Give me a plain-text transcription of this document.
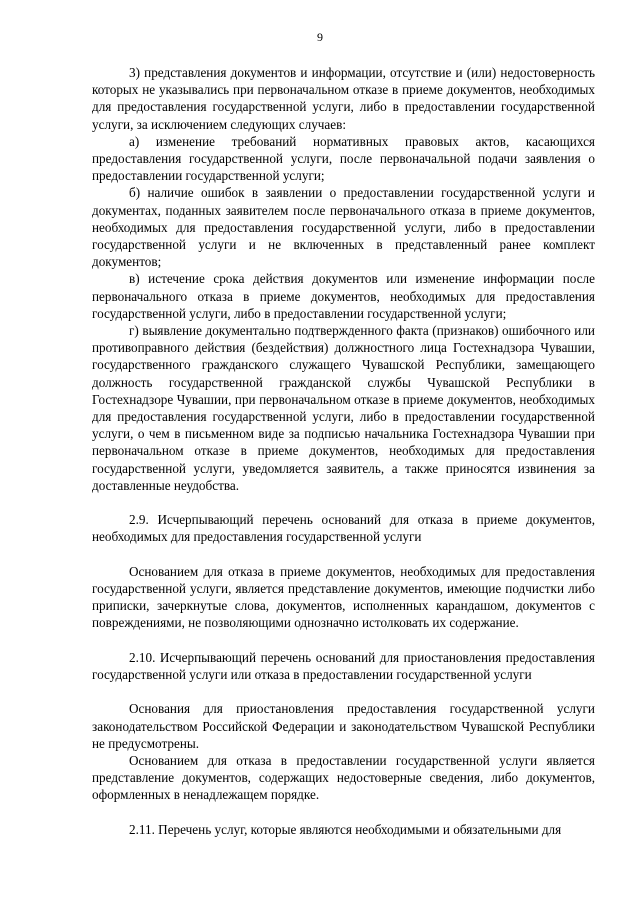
9

3) представления документов и информации, отсутствие и (или) недостоверность которых не указывались при первоначальном отказе в приеме документов, необходимых для предоставления государственной услуги, либо в предоставлении государственной услуги, за исключением следующих случаев:

а) изменение требований нормативных правовых актов, касающихся предоставления государственной услуги, после первоначальной подачи заявления о предоставлении государственной услуги;

б) наличие ошибок в заявлении о предоставлении государственной услуги и документах, поданных заявителем после первоначального отказа в приеме документов, необходимых для предоставления государственной услуги, либо в предоставлении государственной услуги и не включенных в представленный ранее комплект документов;

в) истечение срока действия документов или изменение информации после первоначального отказа в приеме документов, необходимых для предоставления государственной услуги, либо в предоставлении государственной услуги;

г) выявление документально подтвержденного факта (признаков) ошибочного или противоправного действия (бездействия) должностного лица Гостехнадзора Чувашии, государственного гражданского служащего Чувашской Республики, замещающего должность государственной гражданской службы Чувашской Республики в Гостехнадзоре Чувашии, при первоначальном отказе в приеме документов, необходимых для предоставления государственной услуги, либо в предоставлении государственной услуги, о чем в письменном виде за подписью начальника Гостехнадзора Чувашии при первоначальном отказе в приеме документов, необходимых для предоставления государственной услуги, уведомляется заявитель, а также приносятся извинения за доставленные неудобства.

2.9. Исчерпывающий перечень оснований для отказа в приеме документов, необходимых для предоставления государственной услуги

Основанием для отказа в приеме документов, необходимых для предоставления государственной услуги, является представление документов, имеющие подчистки либо приписки, зачеркнутые слова, документов, исполненных карандашом, документов с повреждениями, не позволяющими однозначно истолковать их содержание.

2.10. Исчерпывающий перечень оснований для приостановления предоставления государственной услуги или отказа в предоставлении государственной услуги

Основания для приостановления предоставления государственной услуги законодательством Российской Федерации и законодательством Чувашской Республики не предусмотрены.

Основанием для отказа в предоставлении государственной услуги является представление документов, содержащих недостоверные сведения, либо документов, оформленных в ненадлежащем порядке.

2.11. Перечень услуг, которые являются необходимыми и обязательными для
